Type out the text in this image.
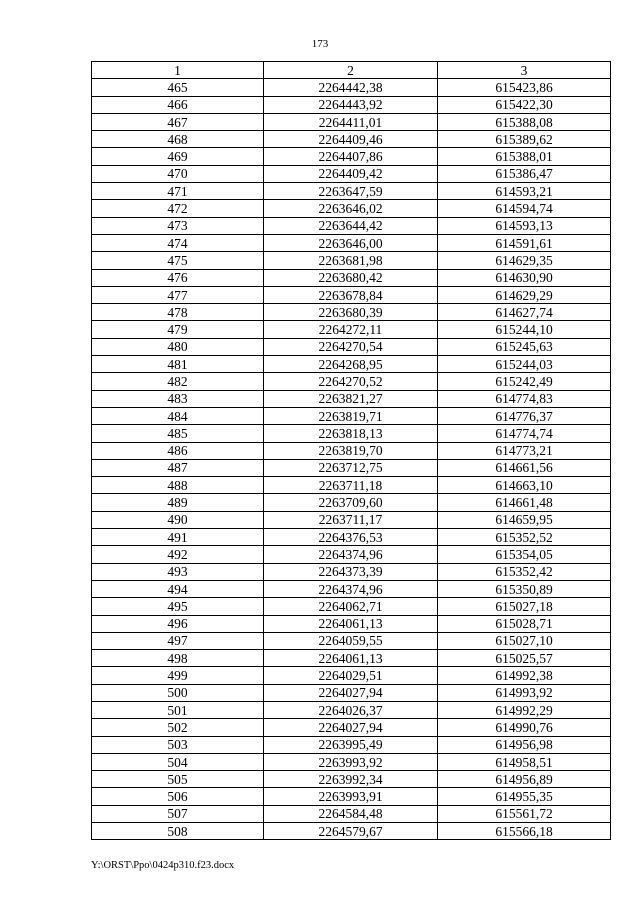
173
1	2	3
465	2264442,38	615423,86
466	2264443,92	615422,30
467	2264411,01	615388,08
468	2264409,46	615389,62
469	2264407,86	615388,01
470	2264409,42	615386,47
471	2263647,59	614593,21
472	2263646,02	614594,74
473	2263644,42	614593,13
474	2263646,00	614591,61
475	2263681,98	614629,35
476	2263680,42	614630,90
477	2263678,84	614629,29
478	2263680,39	614627,74
479	2264272,11	615244,10
480	2264270,54	615245,63
481	2264268,95	615244,03
482	2264270,52	615242,49
483	2263821,27	614774,83
484	2263819,71	614776,37
485	2263818,13	614774,74
486	2263819,70	614773,21
487	2263712,75	614661,56
488	2263711,18	614663,10
489	2263709,60	614661,48
490	2263711,17	614659,95
491	2264376,53	615352,52
492	2264374,96	615354,05
493	2264373,39	615352,42
494	2264374,96	615350,89
495	2264062,71	615027,18
496	2264061,13	615028,71
497	2264059,55	615027,10
498	2264061,13	615025,57
499	2264029,51	614992,38
500	2264027,94	614993,92
501	2264026,37	614992,29
502	2264027,94	614990,76
503	2263995,49	614956,98
504	2263993,92	614958,51
505	2263992,34	614956,89
506	2263993,91	614955,35
507	2264584,48	615561,72
508	2264579,67	615566,18
Y:\ORST\Ppo\0424p310.f23.docx
